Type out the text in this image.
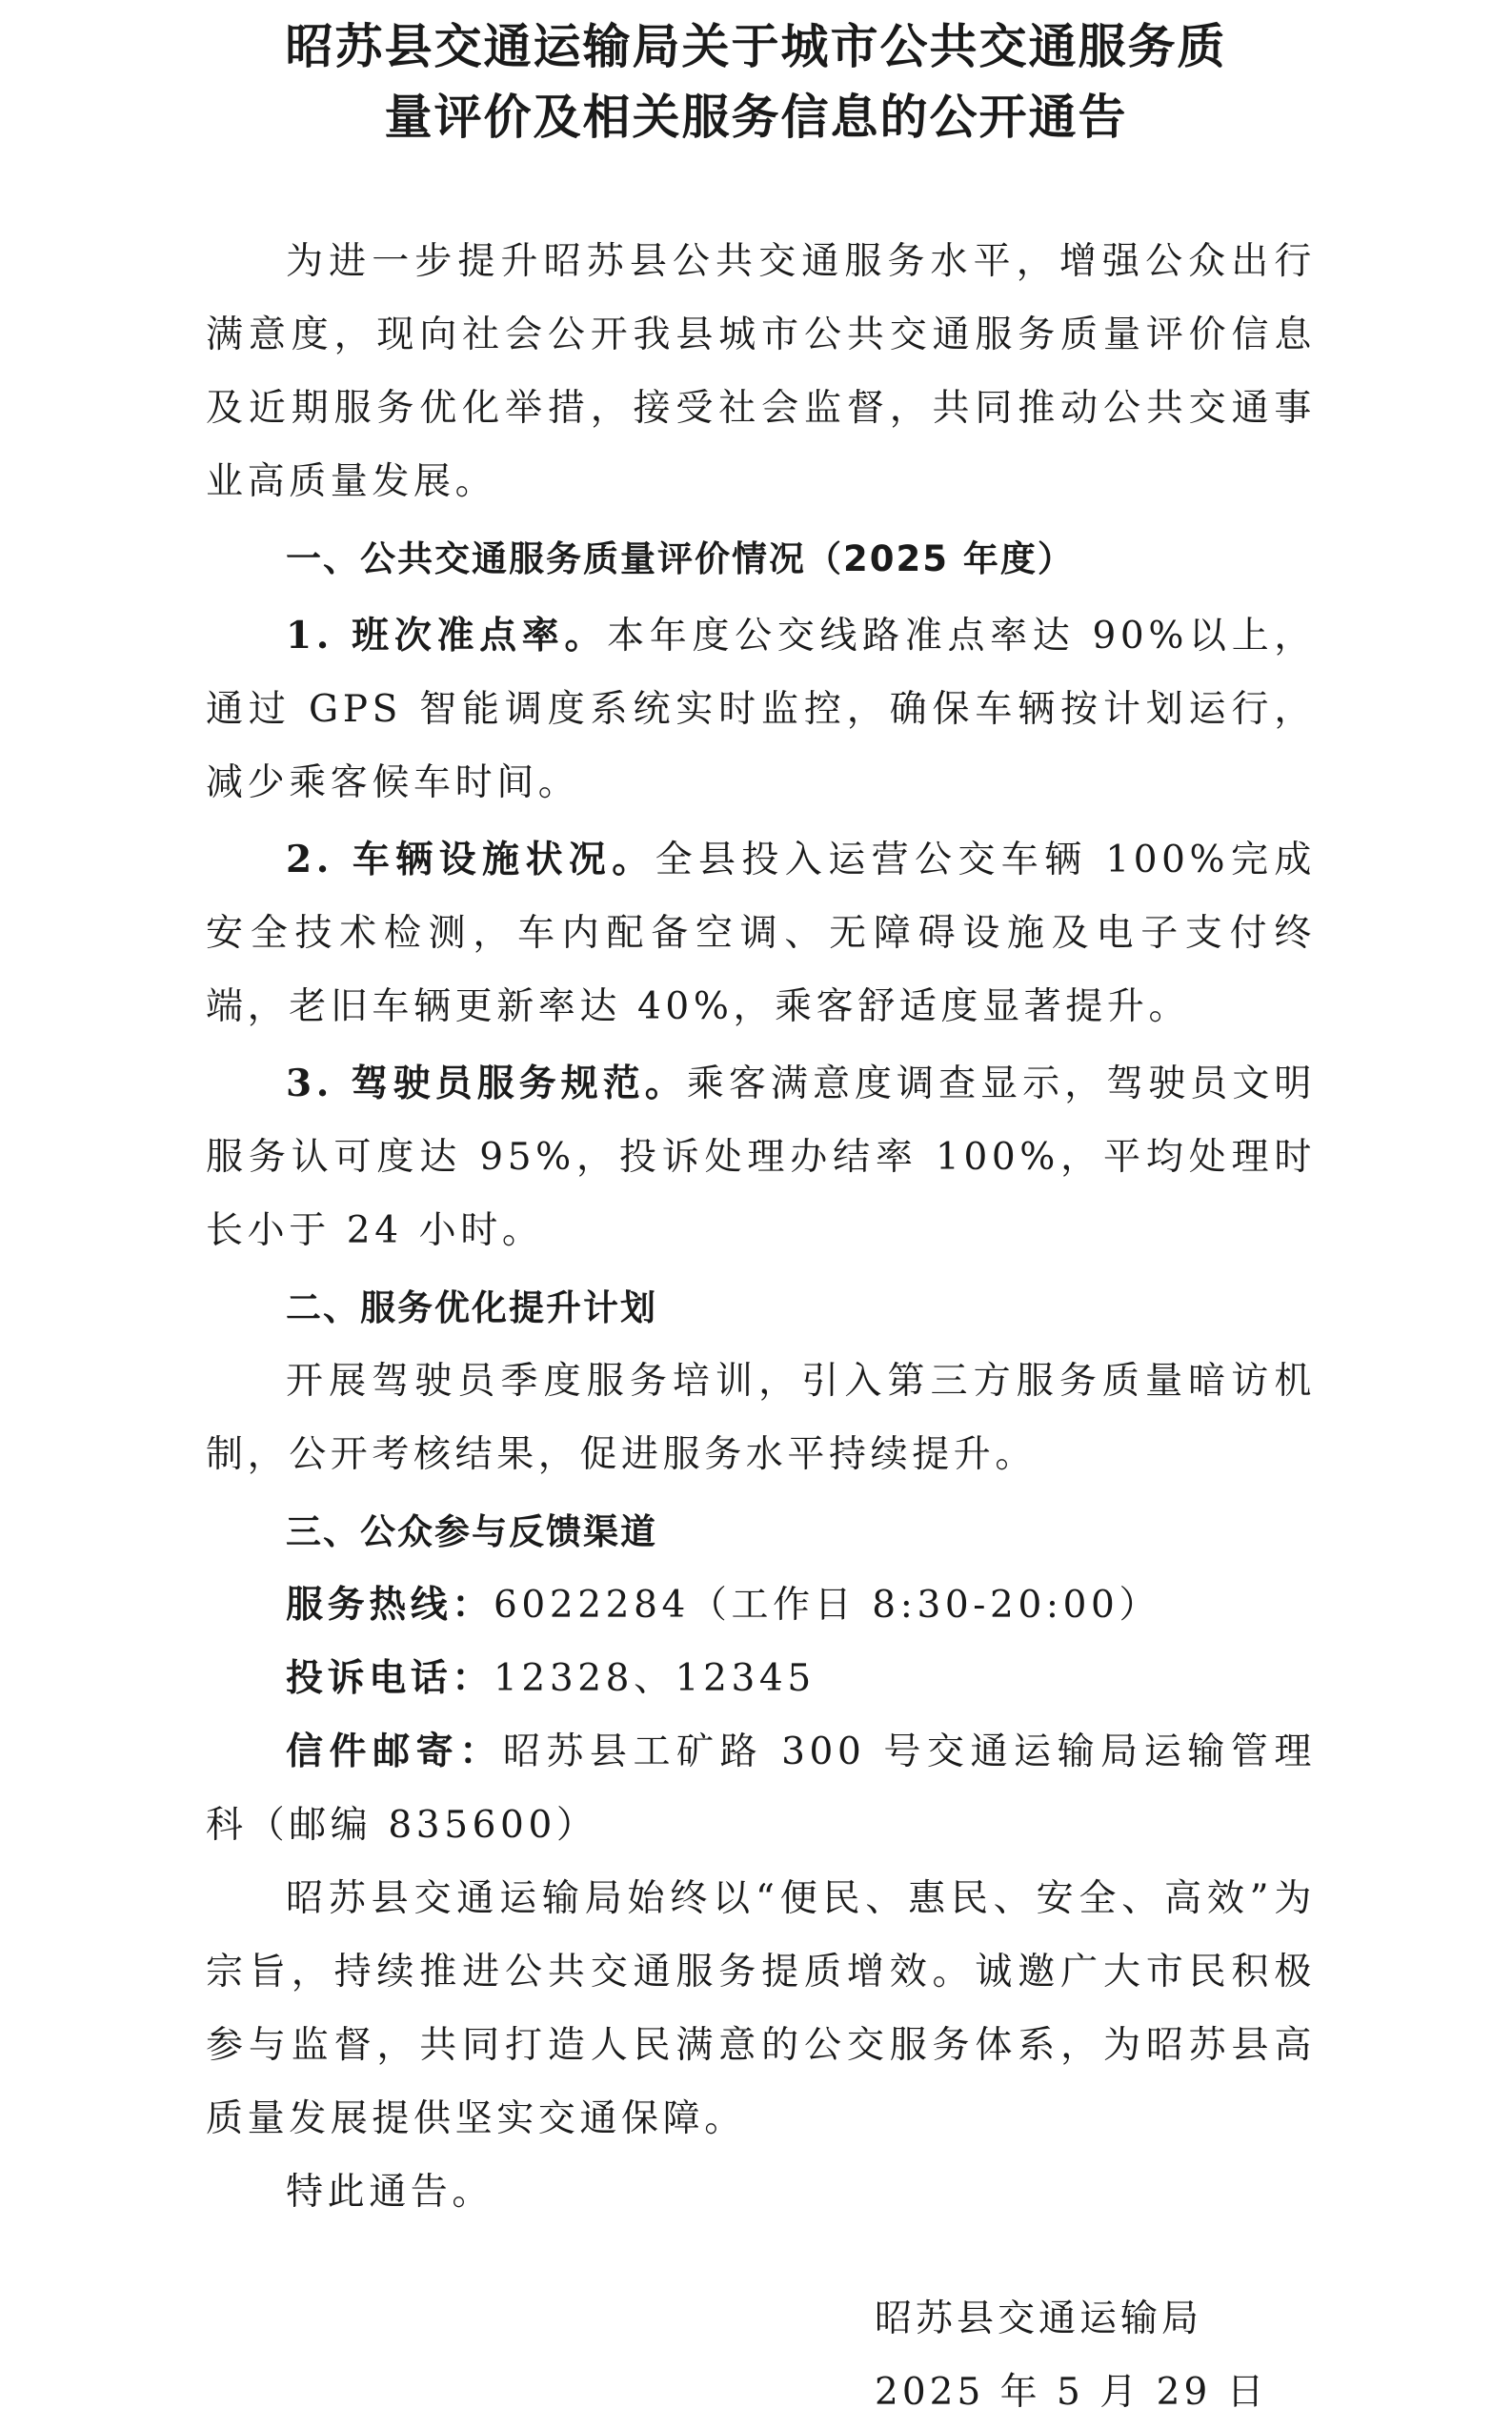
昭苏县交通运输局关于城市公共交通服务质
量评价及相关服务信息的公开通告

为进一步提升昭苏县公共交通服务水平，增强公众出行满意度，现向社会公开我县城市公共交通服务质量评价信息及近期服务优化举措，接受社会监督，共同推动公共交通事业高质量发展。

一、公共交通服务质量评价情况（2025 年度）

1. 班次准点率。本年度公交线路准点率达 90%以上，通过 GPS 智能调度系统实时监控，确保车辆按计划运行，减少乘客候车时间。

2. 车辆设施状况。全县投入运营公交车辆 100%完成安全技术检测，车内配备空调、无障碍设施及电子支付终端，老旧车辆更新率达 40%，乘客舒适度显著提升。

3. 驾驶员服务规范。乘客满意度调查显示，驾驶员文明服务认可度达 95%，投诉处理办结率 100%，平均处理时长小于 24 小时。

二、服务优化提升计划

开展驾驶员季度服务培训，引入第三方服务质量暗访机制，公开考核结果，促进服务水平持续提升。

三、公众参与反馈渠道

服务热线：6022284（工作日 8:30-20:00）

投诉电话：12328、12345

信件邮寄：昭苏县工矿路 300 号交通运输局运输管理科（邮编 835600）

昭苏县交通运输局始终以“便民、惠民、安全、高效”为宗旨，持续推进公共交通服务提质增效。诚邀广大市民积极参与监督，共同打造人民满意的公交服务体系，为昭苏县高质量发展提供坚实交通保障。

特此通告。

昭苏县交通运输局
2025 年 5 月 29 日
